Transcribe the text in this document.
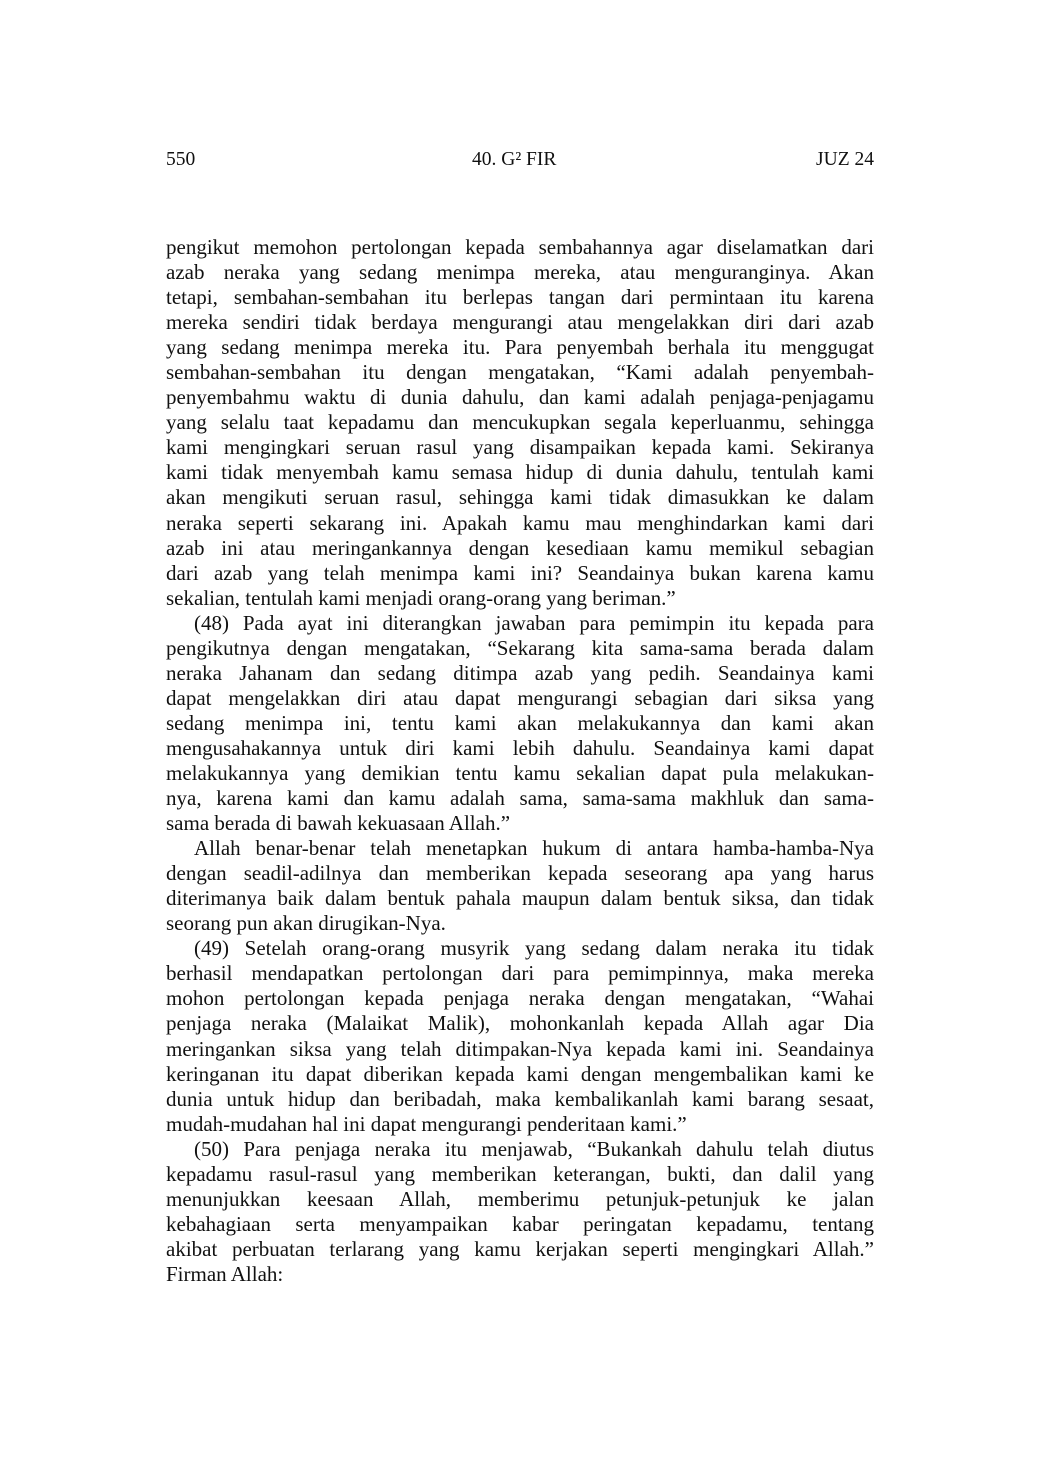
550	40. G² FIR	JUZ 24
pengikut memohon pertolongan kepada sembahannya agar diselamatkan dari
azab neraka yang sedang menimpa mereka, atau menguranginya. Akan
tetapi, sembahan-sembahan itu berlepas tangan dari permintaan itu karena
mereka sendiri tidak berdaya mengurangi atau mengelakkan diri dari azab
yang sedang menimpa mereka itu. Para penyembah berhala itu menggugat
sembahan-sembahan itu dengan mengatakan, “Kami adalah penyembah-
penyembahmu waktu di dunia dahulu, dan kami adalah penjaga-penjagamu
yang selalu taat kepadamu dan mencukupkan segala keperluanmu, sehingga
kami mengingkari seruan rasul yang disampaikan kepada kami. Sekiranya
kami tidak menyembah kamu semasa hidup di dunia dahulu, tentulah kami
akan mengikuti seruan rasul, sehingga kami tidak dimasukkan ke dalam
neraka seperti sekarang ini. Apakah kamu mau menghindarkan kami dari
azab ini atau meringankannya dengan kesediaan kamu memikul sebagian
dari azab yang telah menimpa kami ini? Seandainya bukan karena kamu
sekalian, tentulah kami menjadi orang-orang yang beriman.”
(48) Pada ayat ini diterangkan jawaban para pemimpin itu kepada para
pengikutnya dengan mengatakan, “Sekarang kita sama-sama berada dalam
neraka Jahanam dan sedang ditimpa azab yang pedih. Seandainya kami
dapat mengelakkan diri atau dapat mengurangi sebagian dari siksa yang
sedang menimpa ini, tentu kami akan melakukannya dan kami akan
mengusahakannya untuk diri kami lebih dahulu. Seandainya kami dapat
melakukannya yang demikian tentu kamu sekalian dapat pula melakukan-
nya, karena kami dan kamu adalah sama, sama-sama makhluk dan sama-
sama berada di bawah kekuasaan Allah.”
Allah benar-benar telah menetapkan hukum di antara hamba-hamba-Nya
dengan seadil-adilnya dan memberikan kepada seseorang apa yang harus
diterimanya baik dalam bentuk pahala maupun dalam bentuk siksa, dan tidak
seorang pun akan dirugikan-Nya.
(49) Setelah orang-orang musyrik yang sedang dalam neraka itu tidak
berhasil mendapatkan pertolongan dari para pemimpinnya, maka mereka
mohon pertolongan kepada penjaga neraka dengan mengatakan, “Wahai
penjaga neraka (Malaikat Malik), mohonkanlah kepada Allah agar Dia
meringankan siksa yang telah ditimpakan-Nya kepada kami ini. Seandainya
keringanan itu dapat diberikan kepada kami dengan mengembalikan kami ke
dunia untuk hidup dan beribadah, maka kembalikanlah kami barang sesaat,
mudah-mudahan hal ini dapat mengurangi penderitaan kami.”
(50) Para penjaga neraka itu menjawab, “Bukankah dahulu telah diutus
kepadamu rasul-rasul yang memberikan keterangan, bukti, dan dalil yang
menunjukkan keesaan Allah, memberimu petunjuk-petunjuk ke jalan
kebahagiaan serta menyampaikan kabar peringatan kepadamu, tentang
akibat perbuatan terlarang yang kamu kerjakan seperti mengingkari Allah.”
Firman Allah:
